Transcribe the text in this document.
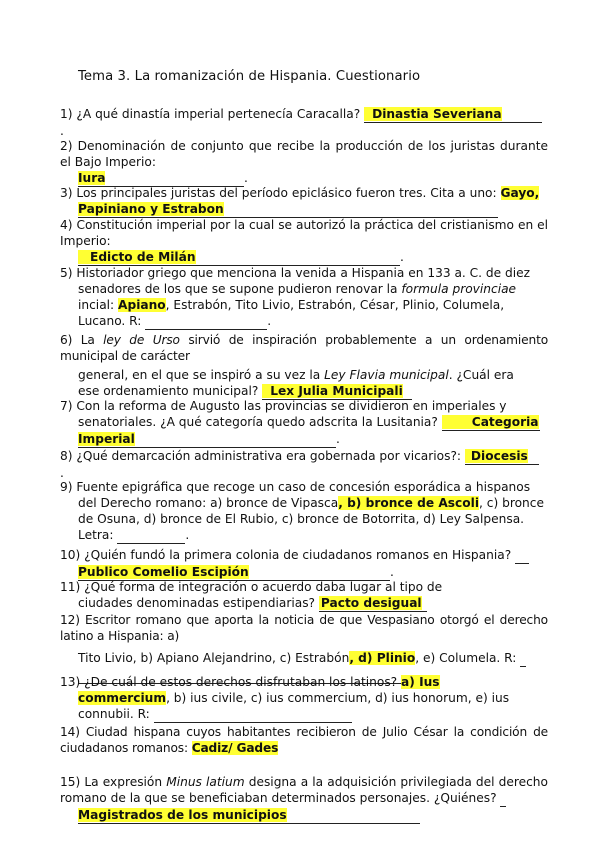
Tema 3. La romanización de Hispania. Cuestionario

1) ¿A qué dinastía imperial pertenecía Caracalla? Dinastia Severiana

.

2) Denominación de conjunto que recibe la producción de los juristas durante el Bajo Imperio:

Iura	.

3) Los principales juristas del período epiclásico fueron tres. Cita a uno: Gayo,

Papiniano y Estrabon

4) Constitución imperial por la cual se autorizó la práctica del cristianismo en el Imperio:

Edicto de Milán	.

5) Historiador griego que menciona la venida a Hispania en 133 a. C. de diez

senadores de los que se supone pudieron renovar la formula provinciae

incial: Apiano, Estrabón, Tito Livio, Estrabón, César, Plinio, Columela,

Lucano. R:	.

6) La ley de Urso sirvió de inspiración probablemente a un ordenamiento municipal de carácter

general, en el que se inspiró a su vez la Ley Flavia municipal. ¿Cuál era

ese ordenamiento municipal? Lex Julia Municipali

7) Con la reforma de Augusto las provincias se dividieron en imperiales y

senatoriales. ¿A qué categoría quedo adscrita la Lusitania? Categoria

Imperial	.

8) ¿Qué demarcación administrativa era gobernada por vicarios?: Diocesis

.

9) Fuente epigráfica que recoge un caso de concesión esporádica a hispanos

del Derecho romano: a) bronce de Vipasca, b) bronce de Ascoli, c) bronce

de Osuna, d) bronce de El Rubio, c) bronce de Botorrita, d) Ley Salpensa.

Letra:	.

10) ¿Quién fundó la primera colonia de ciudadanos romanos en Hispania?

Publico Comelio Escipión	.

11) ¿Qué forma de integración o acuerdo daba lugar al tipo de

ciudades denominadas estipendiarias? Pacto desigual

12) Escritor romano que aporta la noticia de que Vespasiano otorgó el derecho latino a Hispania: a)

Tito Livio, b) Apiano Alejandrino, c) Estrabón, d) Plinio, e) Columela. R:

13) ¿De cuál de estos derechos disfrutaban los latinos? a) Ius

commercium, b) ius civile, c) ius commercium, d) ius honorum, e) ius

connubii. R:

14) Ciudad hispana cuyos habitantes recibieron de Julio César la condición de ciudadanos romanos: Cadiz/ Gades

15) La expresión Minus latium designa a la adquisición privilegiada del derecho romano de la que se beneficiaban determinados personajes. ¿Quiénes?

Magistrados de los municipios
